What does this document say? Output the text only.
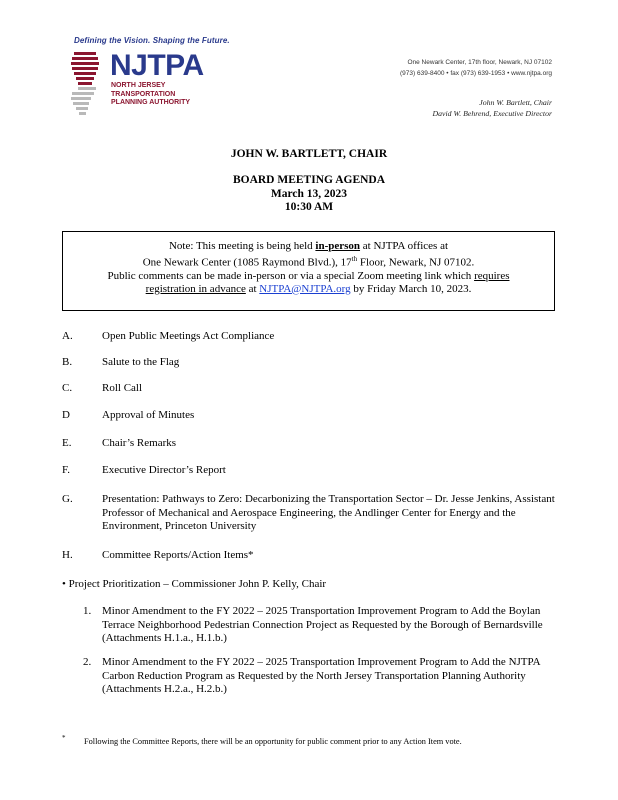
Defining the Vision. Shaping the Future.
NJTPA
NORTH JERSEY
TRANSPORTATION
PLANNING AUTHORITY
One Newark Center, 17th floor, Newark, NJ 07102
(973) 639-8400 • fax (973) 639-1953 • www.njtpa.org
John W. Bartlett, Chair
David W. Behrend, Executive Director
JOHN W. BARTLETT, CHAIR
BOARD MEETING AGENDA
March 13, 2023
10:30 AM
Note: This meeting is being held in-person at NJTPA offices at
One Newark Center (1085 Raymond Blvd.), 17th Floor, Newark, NJ 07102.
Public comments can be made in-person or via a special Zoom meeting link which requires
registration in advance at NJTPA@NJTPA.org by Friday March 10, 2023.
A.	Open Public Meetings Act Compliance
B.	Salute to the Flag
C.	Roll Call
D	Approval of Minutes
E.	Chair’s Remarks
F.	Executive Director’s Report
G.	Presentation: Pathways to Zero: Decarbonizing the Transportation Sector – Dr. Jesse Jenkins, Assistant Professor of Mechanical and Aerospace Engineering, the Andlinger Center for Energy and the Environment, Princeton University
H.	Committee Reports/Action Items*
• Project Prioritization – Commissioner John P. Kelly, Chair
1. Minor Amendment to the FY 2022 – 2025 Transportation Improvement Program to Add the Boylan Terrace Neighborhood Pedestrian Connection Project as Requested by the Borough of Bernardsville (Attachments H.1.a., H.1.b.)
2. Minor Amendment to the FY 2022 – 2025 Transportation Improvement Program to Add the NJTPA Carbon Reduction Program as Requested by the North Jersey Transportation Planning Authority (Attachments H.2.a., H.2.b.)
* Following the Committee Reports, there will be an opportunity for public comment prior to any Action Item vote.
